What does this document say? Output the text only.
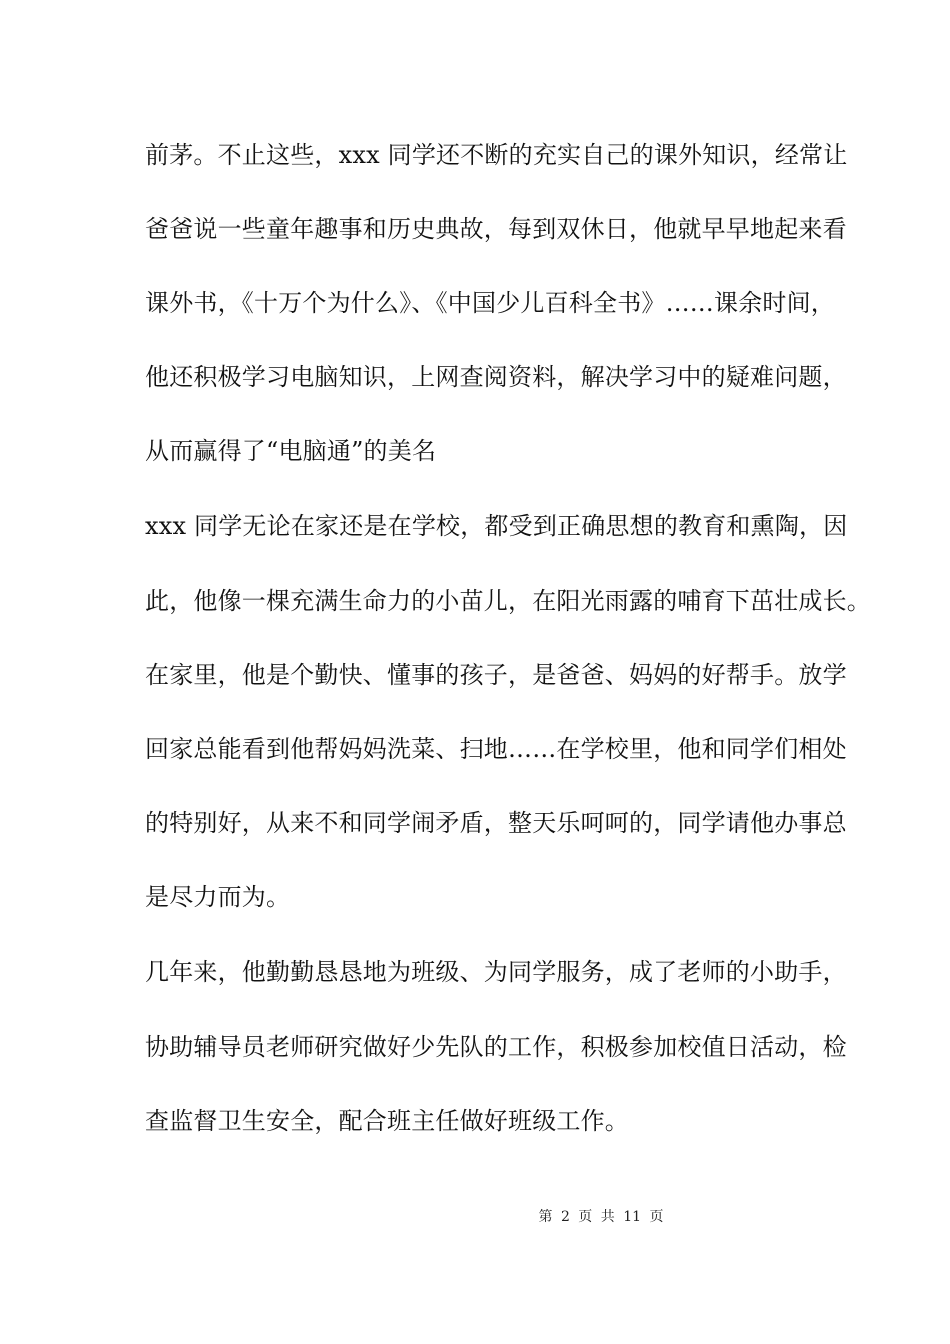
前茅。不止这些，xxx 同学还不断的充实自己的课外知识，经常让
爸爸说一些童年趣事和历史典故，每到双休日，他就早早地起来看
课外书，《十万个为什么》、《中国少儿百科全书》……课余时间，
他还积极学习电脑知识，上网查阅资料，解决学习中的疑难问题，
从而赢得了“电脑通”的美名
xxx 同学无论在家还是在学校，都受到正确思想的教育和熏陶，因
此，他像一棵充满生命力的小苗儿，在阳光雨露的哺育下茁壮成长。
在家里，他是个勤快、懂事的孩子，是爸爸、妈妈的好帮手。放学
回家总能看到他帮妈妈洗菜、扫地……在学校里，他和同学们相处
的特别好，从来不和同学闹矛盾，整天乐呵呵的，同学请他办事总
是尽力而为。
几年来，他勤勤恳恳地为班级、为同学服务，成了老师的小助手，
协助辅导员老师研究做好少先队的工作，积极参加校值日活动，检
查监督卫生安全，配合班主任做好班级工作。
第 2 页 共 11 页
